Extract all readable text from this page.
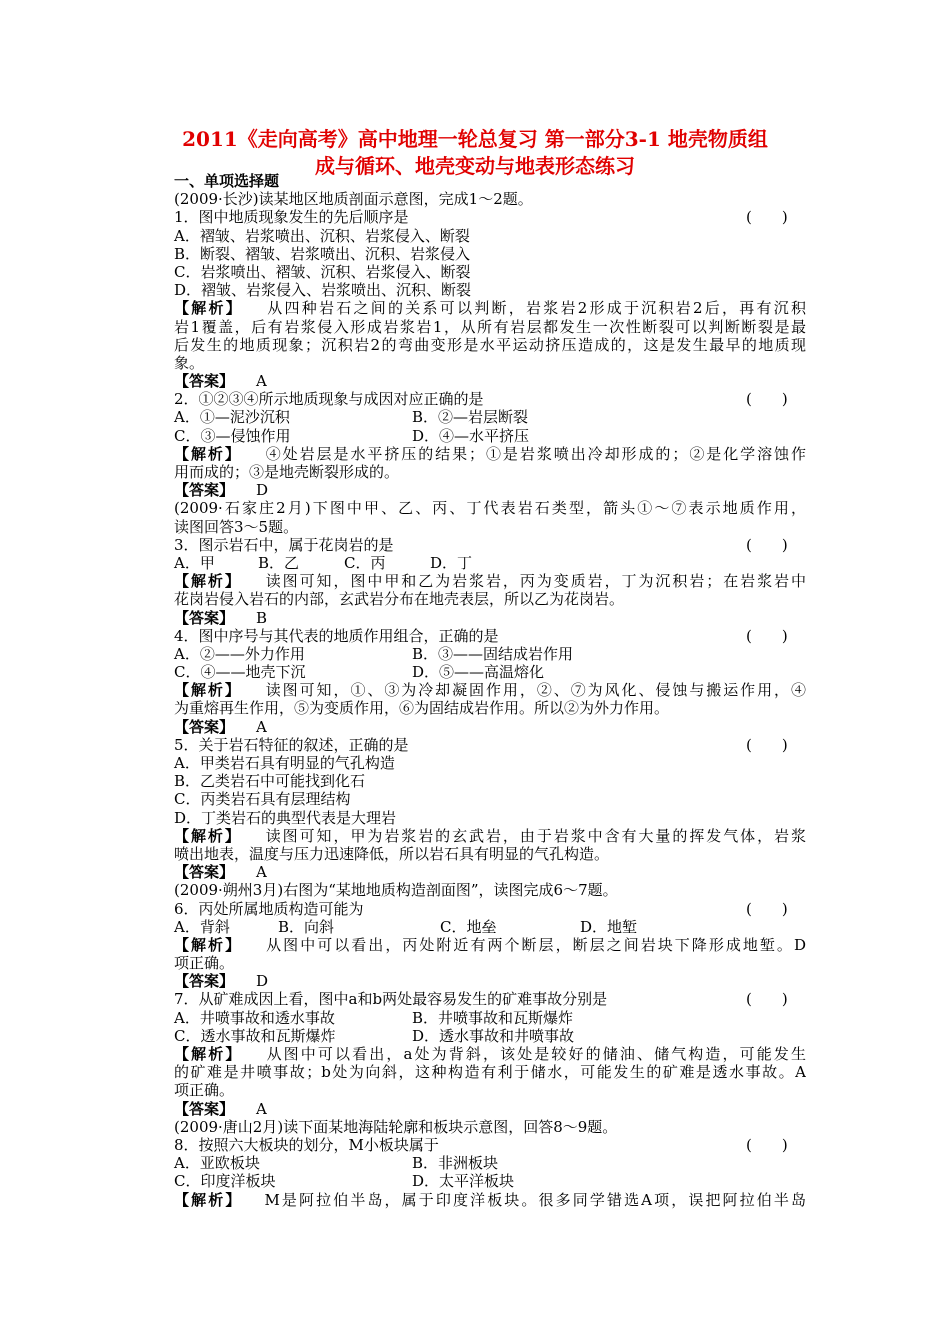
2011《走向高考》高中地理一轮总复习 第一部分3-1 地壳物质组
成与循环、地壳变动与地表形态练习
一、单项选择题
(2009·长沙)读某地区地质剖面示意图，完成1～2题。
1．图中地质现象发生的先后顺序是	(　　)
A．褶皱、岩浆喷出、沉积、岩浆侵入、断裂
B．断裂、褶皱、岩浆喷出、沉积、岩浆侵入
C．岩浆喷出、褶皱、沉积、岩浆侵入、断裂
D．褶皱、岩浆侵入、岩浆喷出、沉积、断裂
【解析】 从四种岩石之间的关系可以判断，岩浆岩2形成于沉积岩2后，再有沉积
岩1覆盖，后有岩浆侵入形成岩浆岩1，从所有岩层都发生一次性断裂可以判断断裂是最
后发生的地质现象；沉积岩2的弯曲变形是水平运动挤压造成的，这是发生最早的地质现
象。
【答案】 A
2．①②③④所示地质现象与成因对应正确的是	(　　)
A．①—泥沙沉积	B．②—岩层断裂
C．③—侵蚀作用	D．④—水平挤压
【解析】 ④处岩层是水平挤压的结果；①是岩浆喷出冷却形成的；②是化学溶蚀作
用而成的；③是地壳断裂形成的。
【答案】 D
(2009·石家庄2月)下图中甲、乙、丙、丁代表岩石类型，箭头①～⑦表示地质作用，
读图回答3～5题。
3．图示岩石中，属于花岗岩的是	(　　)
A．甲	B．乙	C．丙	D．丁
【解析】 读图可知，图中甲和乙为岩浆岩，丙为变质岩，丁为沉积岩；在岩浆岩中
花岗岩侵入岩石的内部，玄武岩分布在地壳表层，所以乙为花岗岩。
【答案】 B
4．图中序号与其代表的地质作用组合，正确的是	(　　)
A．②——外力作用	B．③——固结成岩作用
C．④——地壳下沉	D．⑤——高温熔化
【解析】 读图可知，①、③为冷却凝固作用，②、⑦为风化、侵蚀与搬运作用，④
为重熔再生作用，⑤为变质作用，⑥为固结成岩作用。所以②为外力作用。
【答案】 A
5．关于岩石特征的叙述，正确的是	(　　)
A．甲类岩石具有明显的气孔构造
B．乙类岩石中可能找到化石
C．丙类岩石具有层理结构
D．丁类岩石的典型代表是大理岩
【解析】 读图可知，甲为岩浆岩的玄武岩，由于岩浆中含有大量的挥发气体，岩浆
喷出地表，温度与压力迅速降低，所以岩石具有明显的气孔构造。
【答案】 A
(2009·朔州3月)右图为“某地地质构造剖面图”，读图完成6～7题。
6．丙处所属地质构造可能为	(　　)
A．背斜	B．向斜	C．地垒	D．地堑
【解析】 从图中可以看出，丙处附近有两个断层，断层之间岩块下降形成地堑。D
项正确。
【答案】 D
7．从矿难成因上看，图中a和b两处最容易发生的矿难事故分别是	(　　)
A．井喷事故和透水事故	B．井喷事故和瓦斯爆炸
C．透水事故和瓦斯爆炸	D．透水事故和井喷事故
【解析】 从图中可以看出，a处为背斜，该处是较好的储油、储气构造，可能发生
的矿难是井喷事故；b处为向斜，这种构造有利于储水，可能发生的矿难是透水事故。A
项正确。
【答案】 A
(2009·唐山2月)读下面某地海陆轮廓和板块示意图，回答8～9题。
8．按照六大板块的划分，M小板块属于	(　　)
A．亚欧板块	B．非洲板块
C．印度洋板块	D．太平洋板块
【解析】 M是阿拉伯半岛，属于印度洋板块。很多同学错选A项，误把阿拉伯半岛
